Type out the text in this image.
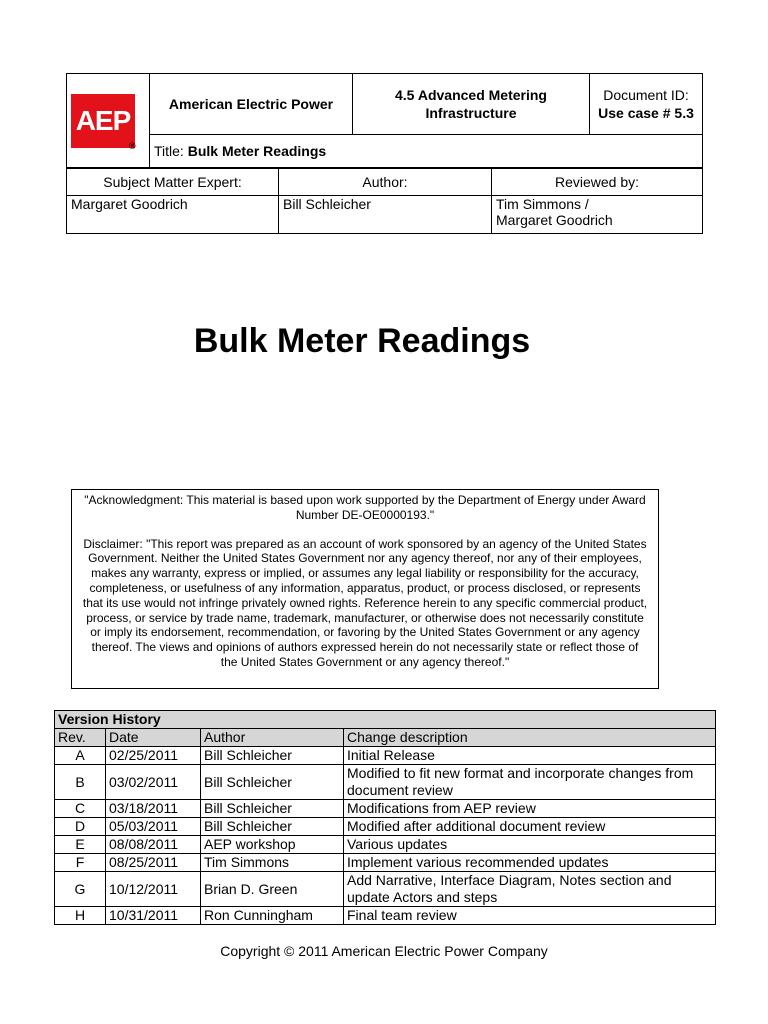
AEP
	American Electric Power	4.5 Advanced Metering Infrastructure	
Document ID:
Use case # 5.3
Title: Bulk Meter Readings
®
Subject Matter Expert:	Author:	Reviewed by:
Margaret Goodrich	Bill Schleicher	Tim Simmons /
Margaret Goodrich
Bulk Meter Readings

"Acknowledgment: This material is based upon work supported by the Department of Energy under Award Number DE-OE0000193."

Disclaimer: "This report was prepared as an account of work sponsored by an agency of the United States Government. Neither the United States Government nor any agency thereof, nor any of their employees, makes any warranty, express or implied, or assumes any legal liability or responsibility for the accuracy, completeness, or usefulness of any information, apparatus, product, or process disclosed, or represents that its use would not infringe privately owned rights. Reference herein to any specific commercial product, process, or service by trade name, trademark, manufacturer, or otherwise does not necessarily constitute or imply its endorsement, recommendation, or favoring by the United States Government or any agency thereof. The views and opinions of authors expressed herein do not necessarily state or reflect those of the United States Government or any agency thereof."

Version History			
Rev.	Date	Author	Change description
A	02/25/2011	Bill Schleicher	Initial Release
B	03/02/2011	Bill Schleicher	Modified to fit new format and incorporate changes from document review
C	03/18/2011	Bill Schleicher	Modifications from AEP review
D	05/03/2011	Bill Schleicher	Modified after additional document review
E	08/08/2011	AEP workshop	Various updates
F	08/25/2011	Tim Simmons	Implement various recommended updates
G	10/12/2011	Brian D. Green	Add Narrative, Interface Diagram, Notes section and update Actors and steps
H	10/31/2011	Ron Cunningham	Final team review
Copyright © 2011 American Electric Power Company
